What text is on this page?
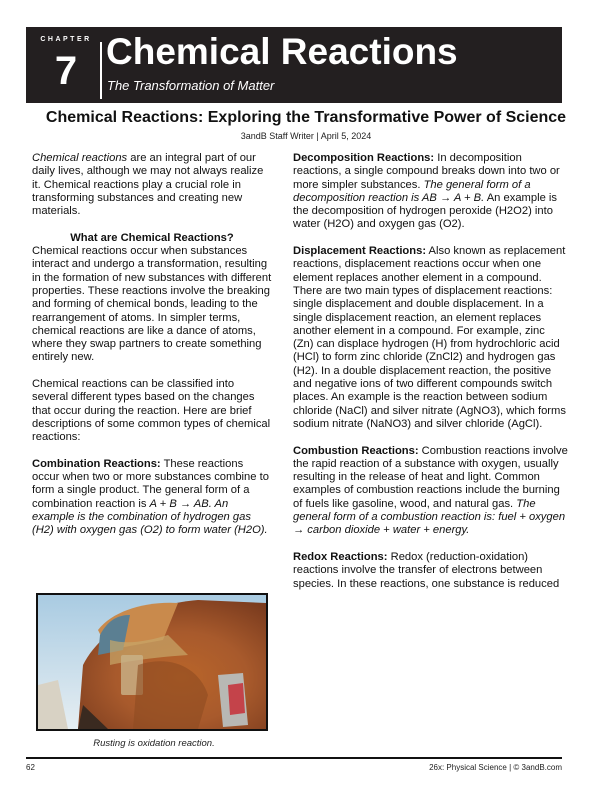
CHAPTER
7 Chemical Reactions
The Transformation of Matter
Chemical Reactions: Exploring the Transformative Power of Science
3andB Staff Writer | April 5, 2024

Chemical reactions are an integral part of our daily lives, although we may not always realize it. Chemical reactions play a crucial role in transforming substances and creating new materials.

What are Chemical Reactions?

Chemical reactions occur when substances interact and undergo a transformation, resulting in the formation of new substances with different properties. These reactions involve the breaking and forming of chemical bonds, leading to the rearrangement of atoms. In simpler terms, chemical reactions are like a dance of atoms, where they swap partners to create something entirely new.

Chemical reactions can be classified into several different types based on the changes that occur during the reaction. Here are brief descriptions of some common types of chemical reactions:

Combination Reactions: These reactions occur when two or more substances combine to form a single product. The general form of a combination reaction is A + B → AB. An example is the combination of hydrogen gas (H2) with oxygen gas (O2) to form water (H2O).

Rusting is oxidation reaction.

Decomposition Reactions: In decomposition reactions, a single compound breaks down into two or more simpler substances. The general form of a decomposition reaction is AB → A + B. An example is the decomposition of hydrogen peroxide (H2O2) into water (H2O) and oxygen gas (O2).

Displacement Reactions: Also known as replacement reactions, displacement reactions occur when one element replaces another element in a compound. There are two main types of displacement reactions: single displacement and double displacement. In a single displacement reaction, an element replaces another element in a compound. For example, zinc (Zn) can displace hydrogen (H) from hydrochloric acid (HCl) to form zinc chloride (ZnCl2) and hydrogen gas (H2). In a double displacement reaction, the positive and negative ions of two different compounds switch places. An example is the reaction between sodium chloride (NaCl) and silver nitrate (AgNO3), which forms sodium nitrate (NaNO3) and silver chloride (AgCl).

Combustion Reactions: Combustion reactions involve the rapid reaction of a substance with oxygen, usually resulting in the release of heat and light. Common examples of combustion reactions include the burning of fuels like gasoline, wood, and natural gas. The general form of a combustion reaction is: fuel + oxygen → carbon dioxide + water + energy.

Redox Reactions: Redox (reduction-oxidation) reactions involve the transfer of electrons between species. In these reactions, one substance is reduced

62	26x: Physical Science | © 3andB.com
